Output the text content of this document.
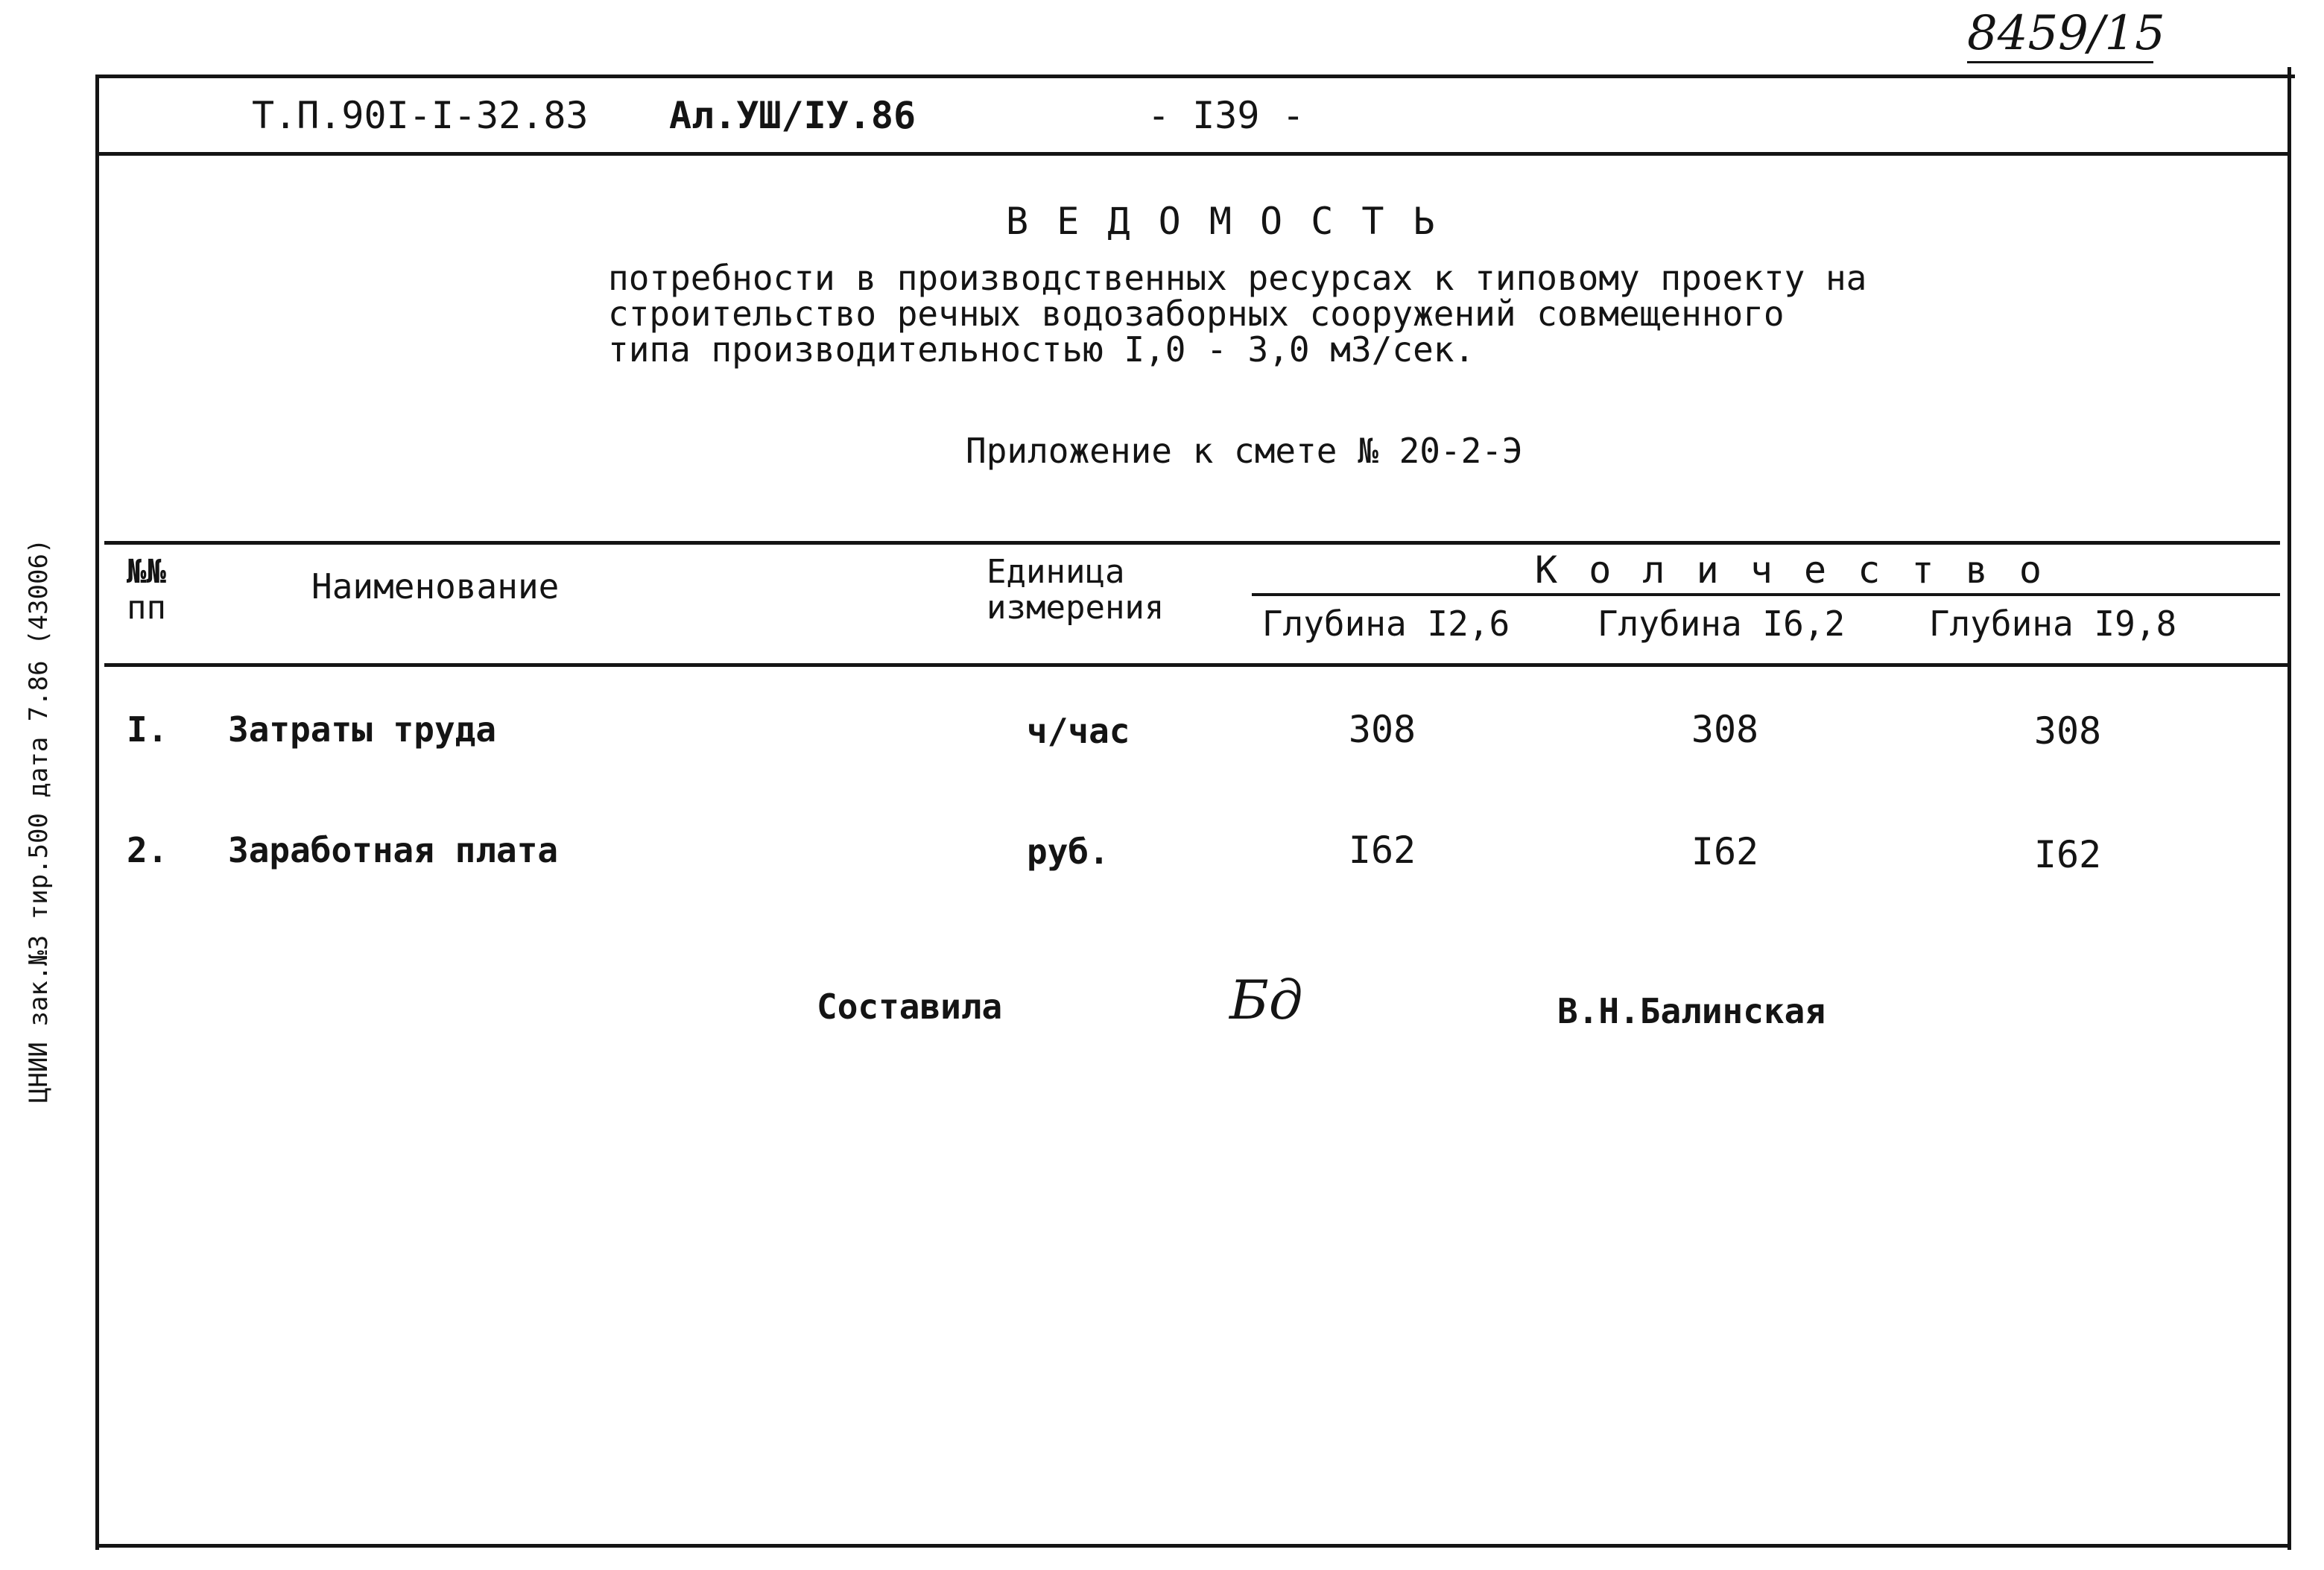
8459/15
ЦНИИ зак.№3 тир.500 дата 7.86 (43006)
Т.П.90I-I-32.83 Ал.УШ/IУ.86	- I39 -
В Е Д О М О С Т Ь
потребности в производственных ресурсах к типовому проекту на
строительство речных водозаборных сооружений совмещенного
типа производительностью I,0 - 3,0 м3/сек.
Приложение к смете № 20-2-Э
№№
пп
Наименование	Единица
измерения
К о л и ч е с т в о
Глубина I2,6	Глубина I6,2	Глубина I9,8
I. Затраты труда	ч/час	308	308	308
2. Заработная плата	руб.	I62	I62	I62
Составила	Бд	В.Н.Балинская
